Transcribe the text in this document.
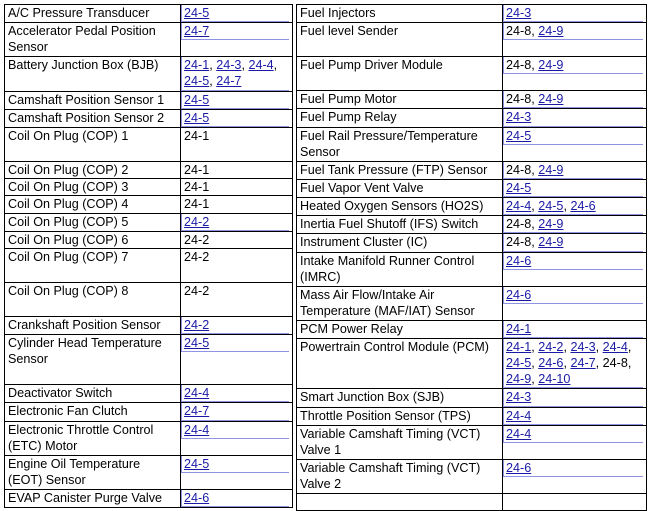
A/C Pressure Transducer	24-5

Accelerator Pedal Position Sensor	24-7

Battery Junction Box (BJB)	24-1, 24-3, 24-4, 24-5, 24-7

Camshaft Position Sensor 1	24-5

Camshaft Position Sensor 2	24-5

Coil On Plug (COP) 1	24-1

Coil On Plug (COP) 2	24-1

Coil On Plug (COP) 3	24-1

Coil On Plug (COP) 4	24-1

Coil On Plug (COP) 5	24-2

Coil On Plug (COP) 6	24-2

Coil On Plug (COP) 7	24-2

Coil On Plug (COP) 8	24-2

Crankshaft Position Sensor	24-2

Cylinder Head Temperature Sensor	24-5

Deactivator Switch	24-4

Electronic Fan Clutch	24-7

Electronic Throttle Control (ETC) Motor	24-4

Engine Oil Temperature (EOT) Sensor	24-5

EVAP Canister Purge Valve	24-6
Fuel Injectors	24-3

Fuel level Sender	24-8, 24-9

Fuel Pump Driver Module	24-8, 24-9

Fuel Pump Motor	24-8, 24-9

Fuel Pump Relay	24-3

Fuel Rail Pressure/Temperature Sensor	24-5

Fuel Tank Pressure (FTP) Sensor	24-8, 24-9

Fuel Vapor Vent Valve	24-5

Heated Oxygen Sensors (HO2S)	24-4, 24-5, 24-6

Inertia Fuel Shutoff (IFS) Switch	24-8, 24-9

Instrument Cluster (IC)	24-8, 24-9

Intake Manifold Runner Control (IMRC)	24-6

Mass Air Flow/Intake Air Temperature (MAF/IAT) Sensor	24-6

PCM Power Relay	24-1

Powertrain Control Module (PCM)	24-1, 24-2, 24-3, 24-4, 24-5, 24-6, 24-7, 24-8, 24-9, 24-10

Smart Junction Box (SJB)	24-3

Throttle Position Sensor (TPS)	24-4

Variable Camshaft Timing (VCT) Valve 1	24-4

Variable Camshaft Timing (VCT) Valve 2	24-6
